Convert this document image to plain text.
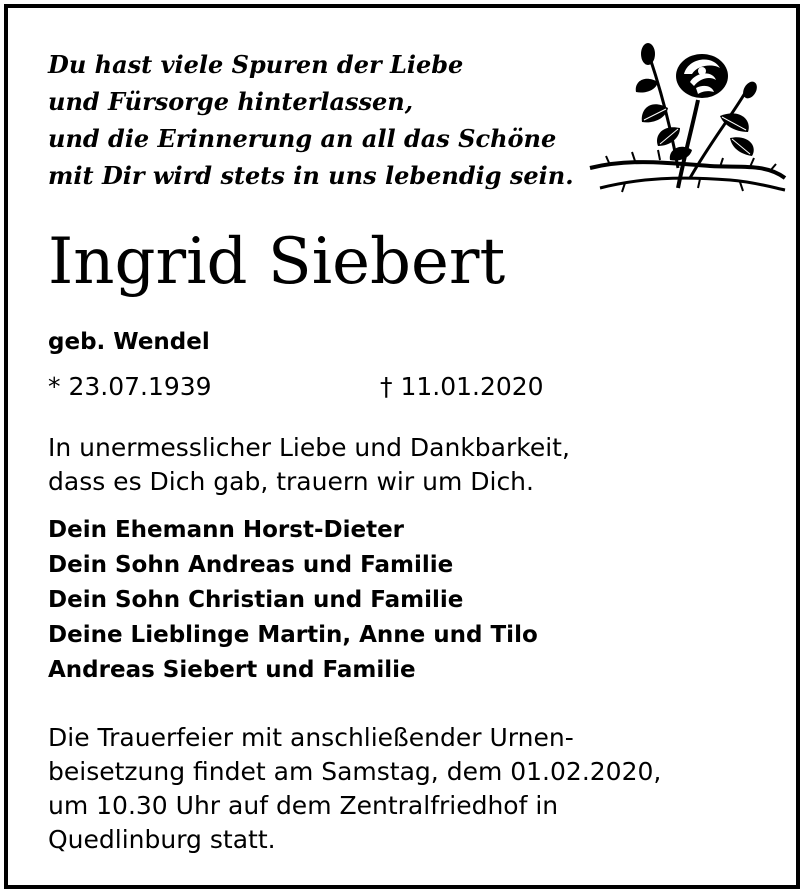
Du hast viele Spuren der Liebe
und Fürsorge hinterlassen,
und die Erinnerung an all das Schöne
mit Dir wird stets in uns lebendig sein.
Ingrid Siebert
geb. Wendel
* 23.07.1939	† 11.01.2020
In unermesslicher Liebe und Dankbarkeit,
dass es Dich gab, trauern wir um Dich.
Dein Ehemann Horst-Dieter
Dein Sohn Andreas und Familie
Dein Sohn Christian und Familie
Deine Lieblinge Martin, Anne und Tilo
Andreas Siebert und Familie
Die Trauerfeier mit anschließender Urnen-
beisetzung findet am Samstag, dem 01.02.2020,
um 10.30 Uhr auf dem Zentralfriedhof in
Quedlinburg statt.
